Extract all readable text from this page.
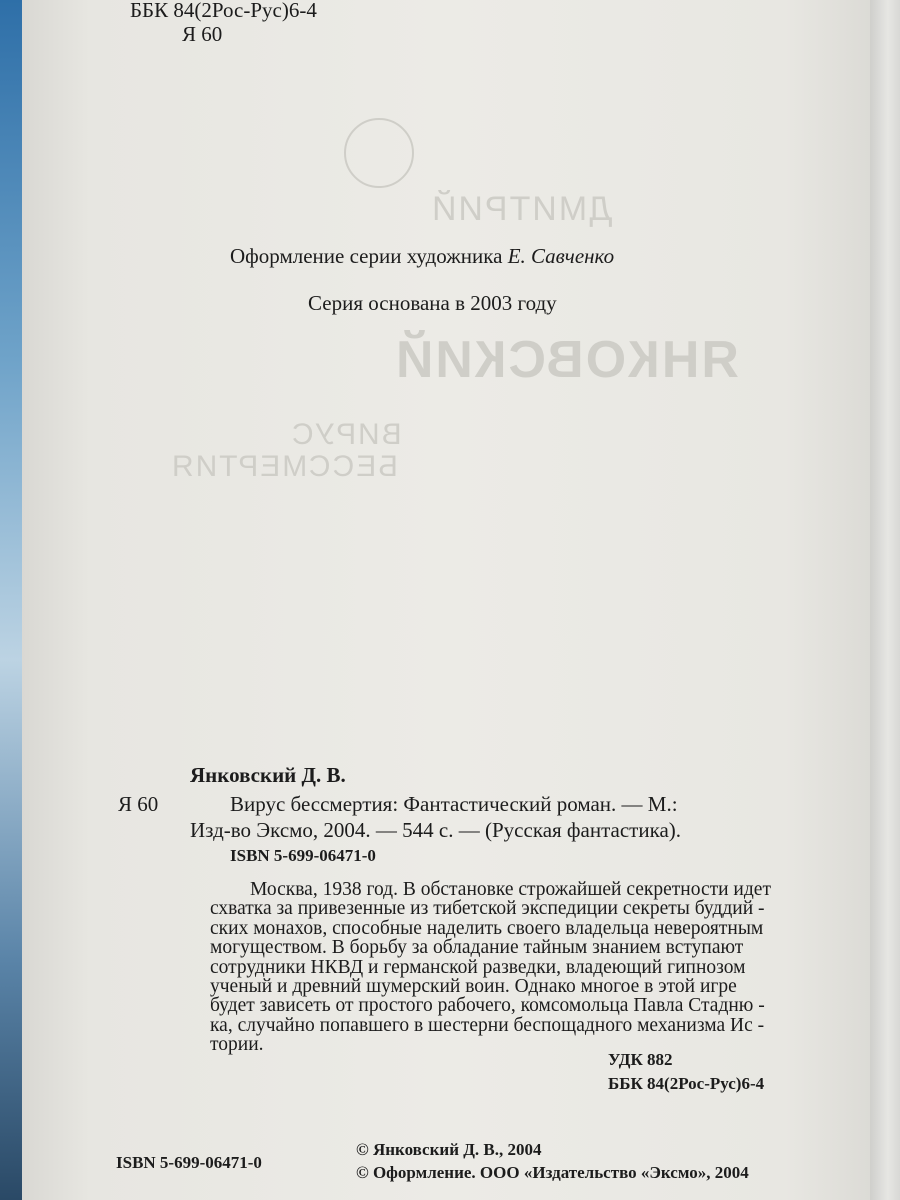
ДМИТРИЙ
ЯНКОВСКИЙ
ВИРУС
БЕССМЕРТИЯ

ББК 84(2Рос-Рус)6-4

Я 60

Оформление серии художника Е. Савченко

Серия основана в 2003 году

Янковский Д. В.

Я 60	Вирус бессмертия: Фантастический роман. — М.:

Изд-во Эксмо, 2004. — 544 с. — (Русская фантастика).

ISBN 5-699-06471-0

Москва, 1938 год. В обстановке строжайшей секретности идет
схватка за привезенные из тибетской экспедиции секреты буддий -
ских монахов, способные наделить своего владельца невероятным
могуществом. В борьбу за обладание тайным знанием вступают
сотрудники НКВД и германской разведки, владеющий гипнозом
ученый и древний шумерский воин. Однако многое в этой игре
будет зависеть от простого рабочего, комсомольца Павла Стадню -
ка, случайно попавшего в шестерни беспощадного механизма Ис -
тории.

УДК 882

ББК 84(2Рос-Рус)6-4

ISBN 5-699-06471-0

© Янковский Д. В., 2004

© Оформление. ООО «Издательство «Эксмо», 2004
